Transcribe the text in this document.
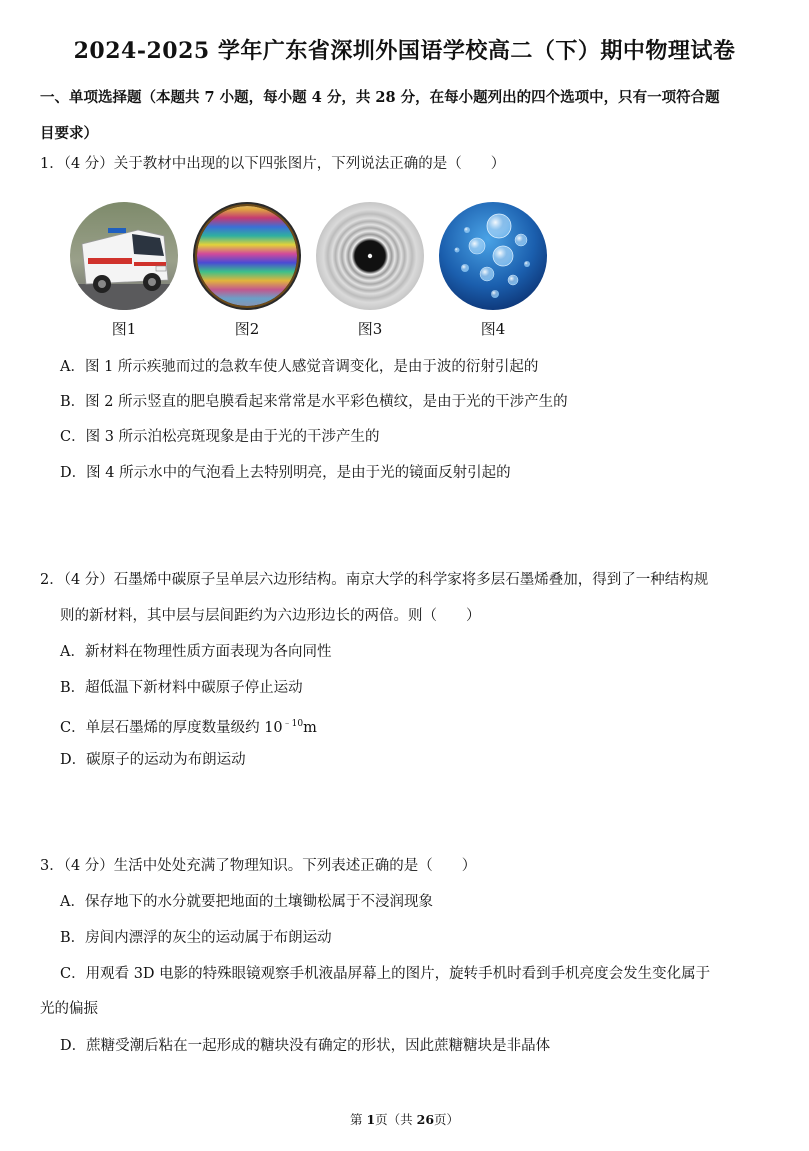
2024-2025 学年广东省深圳外国语学校高二（下）期中物理试卷
一、单项选择题（本题共 7 小题，每小题 4 分，共 28 分，在每小题列出的四个选项中，只有一项符合题
目要求）
1．（4 分）关于教材中出现的以下四张图片，下列说法正确的是（　　）
图1	图2	图3	图4
A．图 1 所示疾驰而过的急救车使人感觉音调变化，是由于波的衍射引起的
B．图 2 所示竖直的肥皂膜看起来常常是水平彩色横纹，是由于光的干涉产生的
C．图 3 所示泊松亮斑现象是由于光的干涉产生的
D．图 4 所示水中的气泡看上去特别明亮，是由于光的镜面反射引起的
2．（4 分）石墨烯中碳原子呈单层六边形结构。南京大学的科学家将多层石墨烯叠加，得到了一种结构规
则的新材料，其中层与层间距约为六边形边长的两倍。则（　　）
A．新材料在物理性质方面表现为各向同性
B．超低温下新材料中碳原子停止运动
C．单层石墨烯的厚度数量级约 $10^{﹣10}m$
D．碳原子的运动为布朗运动
3．（4 分）生活中处处充满了物理知识。下列表述正确的是（　　）
A．保存地下的水分就要把地面的土壤锄松属于不浸润现象
B．房间内漂浮的灰尘的运动属于布朗运动
C．用观看 3D 电影的特殊眼镜观察手机液晶屏幕上的图片，旋转手机时看到手机亮度会发生变化属于
光的偏振
D．蔗糖受潮后粘在一起形成的糖块没有确定的形状，因此蔗糖糖块是非晶体
第 1页（共 26页）
